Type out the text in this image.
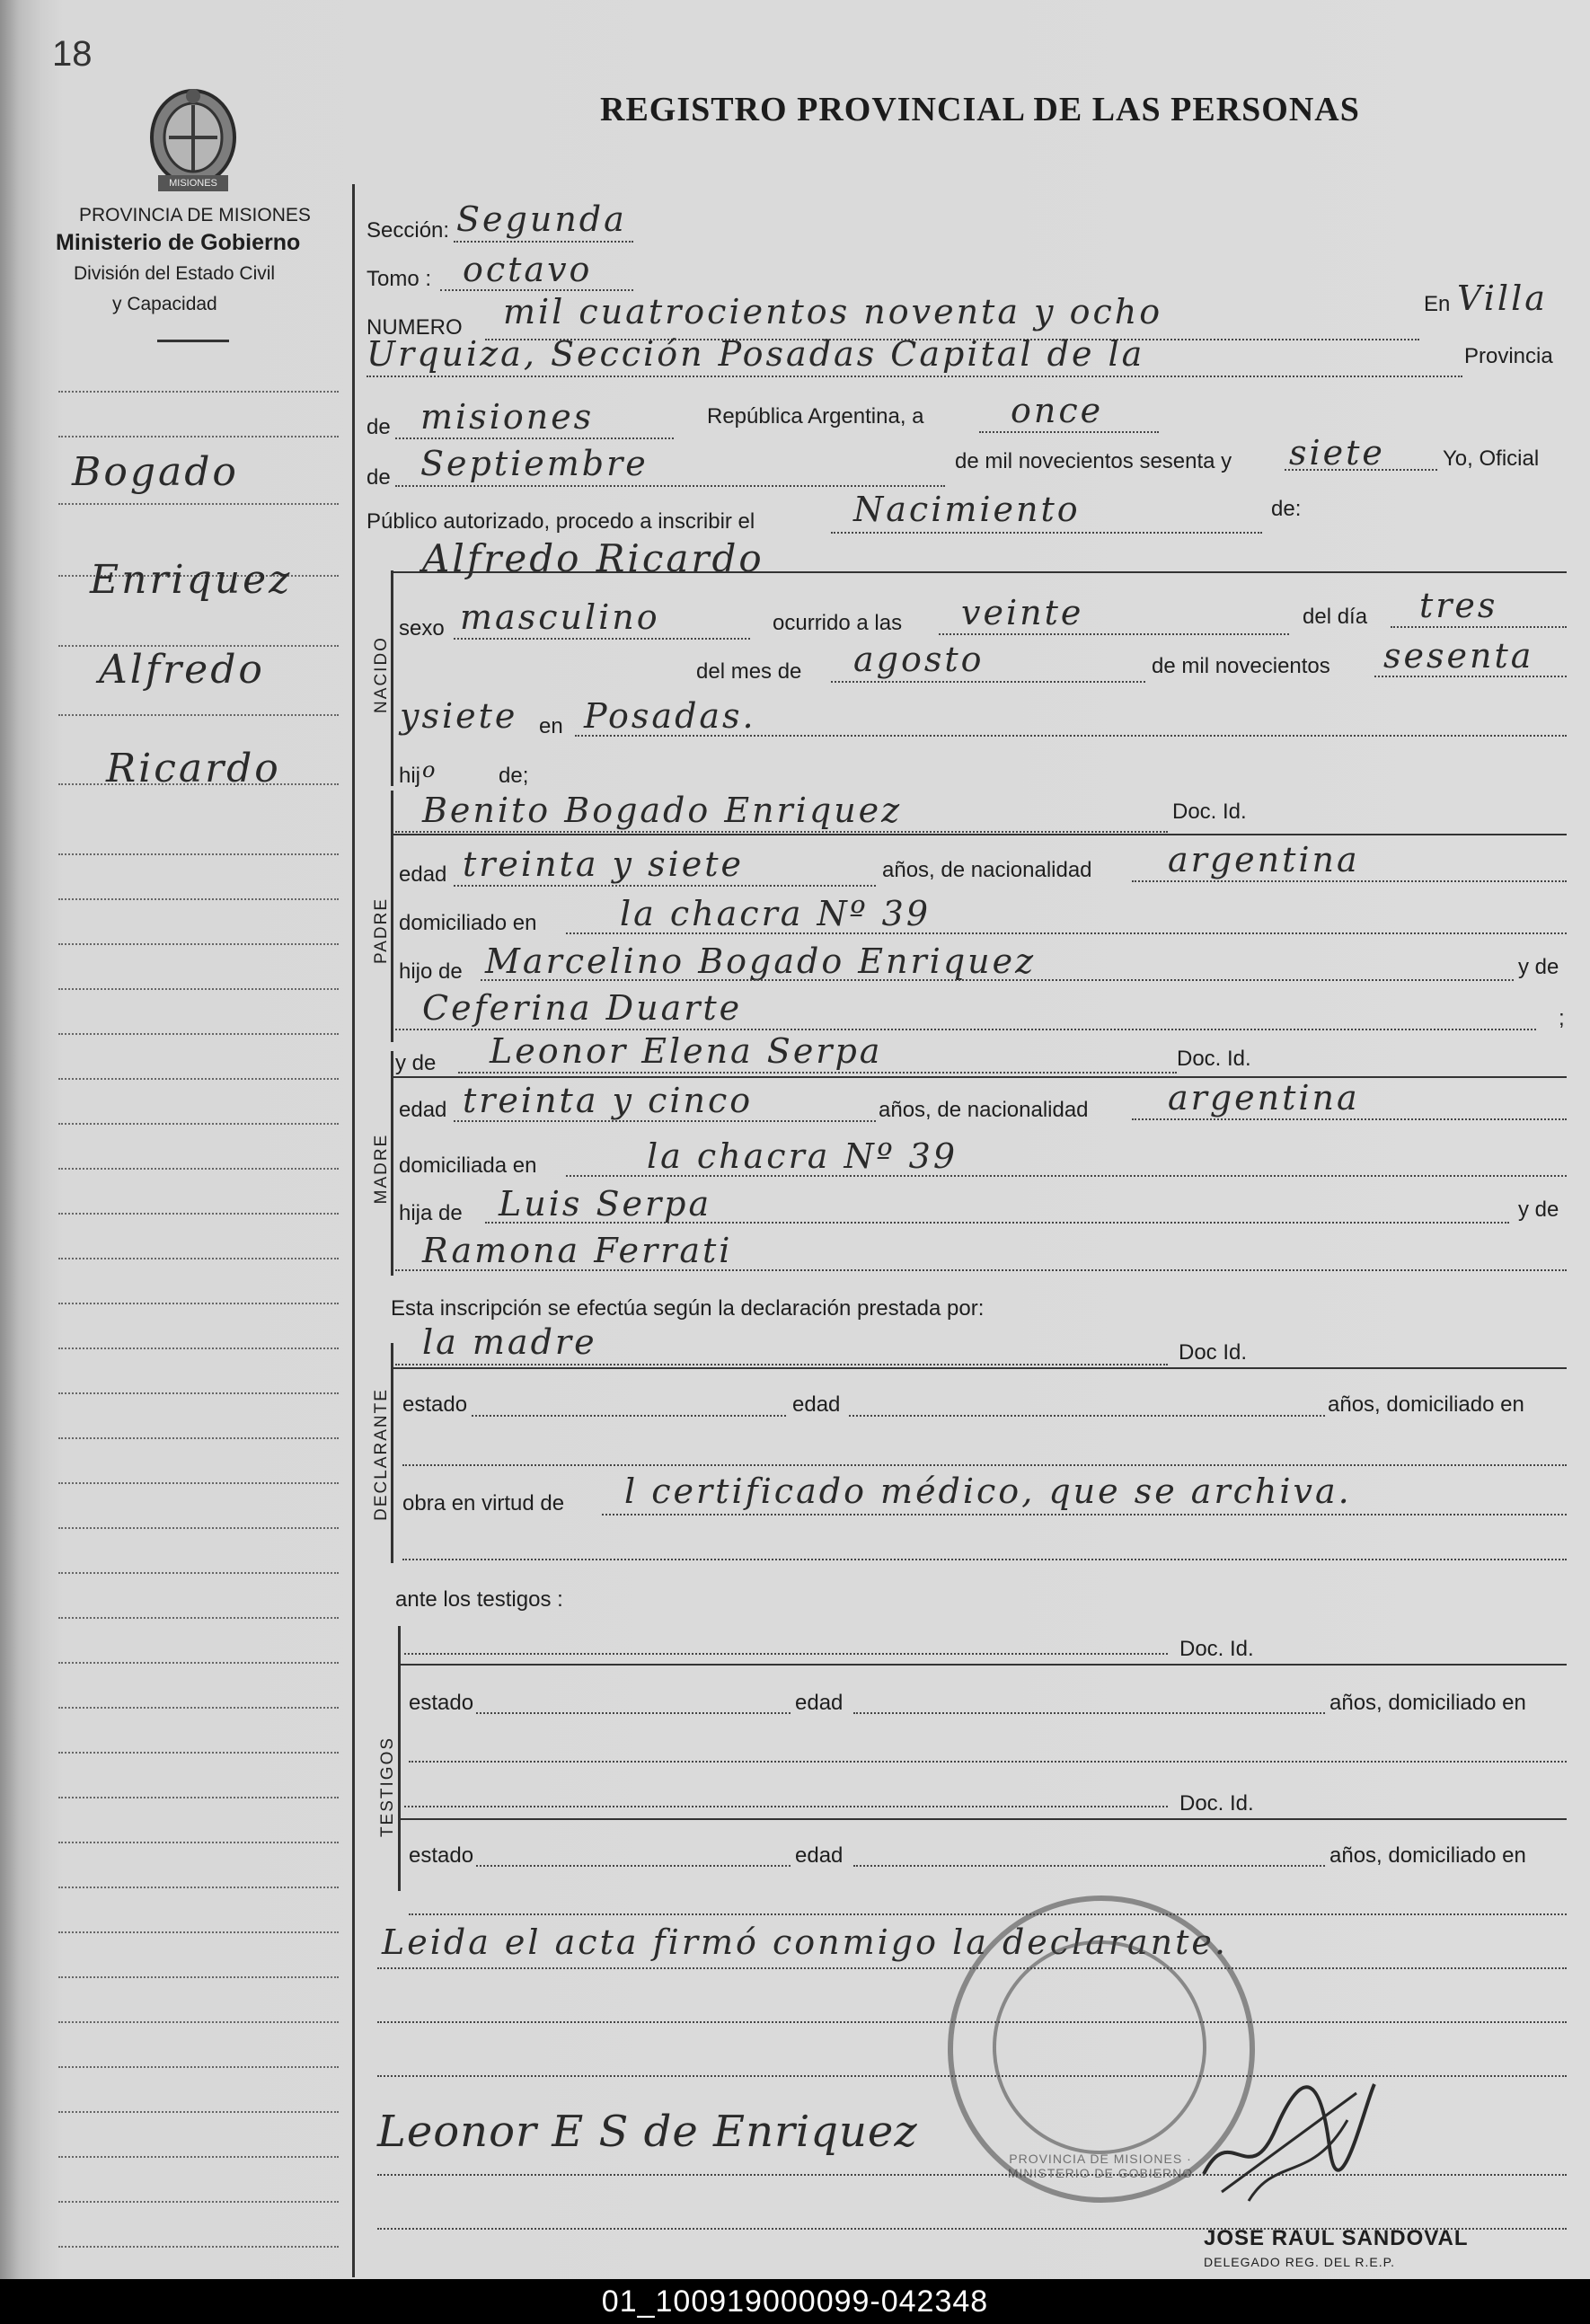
18
MISIONES
PROVINCIA DE MISIONES
Ministerio de Gobierno
División del Estado Civil
y Capacidad
REGISTRO PROVINCIAL DE LAS PERSONAS
Bogado
Enriquez
Alfredo
Ricardo
Sección: Segunda
Tomo : octavo
NUMERO mil cuatrocientos noventa y ocho	En Villa
Urquiza, Sección Posadas Capital de la	Provincia
de misiones	República Argentina, a	once
de Septiembre	de mil novecientos sesenta y siete	Yo, Oficial
Público autorizado, procedo a inscribir el	Nacimiento	de:
NACIDO
Alfredo Ricardo
sexo masculino	ocurrido a las veinte	del día tres
del mes de agosto	de mil novecientos sesenta
ysiete en Posadas.
hij o	de;
PADRE
Benito Bogado Enriquez	Doc. Id.
edad treinta y siete	años, de nacionalidad argentina
domiciliado en la chacra Nº 39
hijo de Marcelino Bogado Enriquez	y de
Ceferina Duarte	;
MADRE
y de Leonor Elena Serpa	Doc. Id.
edad treinta y cinco	años, de nacionalidad argentina
domiciliada en	la chacra Nº 39
hija de Luis Serpa	y de
Ramona Ferrati
Esta inscripción se efectúa según la declaración prestada por:
DECLARANTE
la madre	Doc Id.
estado	edad	años, domiciliado en
obra en virtud de l certificado médico, que se archiva.
ante los testigos :
TESTIGOS
Doc. Id.
estado	edad	años, domiciliado en
Doc. Id.
estado	edad	años, domiciliado en
Leida el acta firmó conmigo la declarante.
PROVINCIA DE MISIONES · MINISTERIO DE GOBIERNO
Leonor E S de Enriquez
JOSE RAUL SANDOVAL
DELEGADO REG. DEL R.E.P.
01_100919000099-042348
